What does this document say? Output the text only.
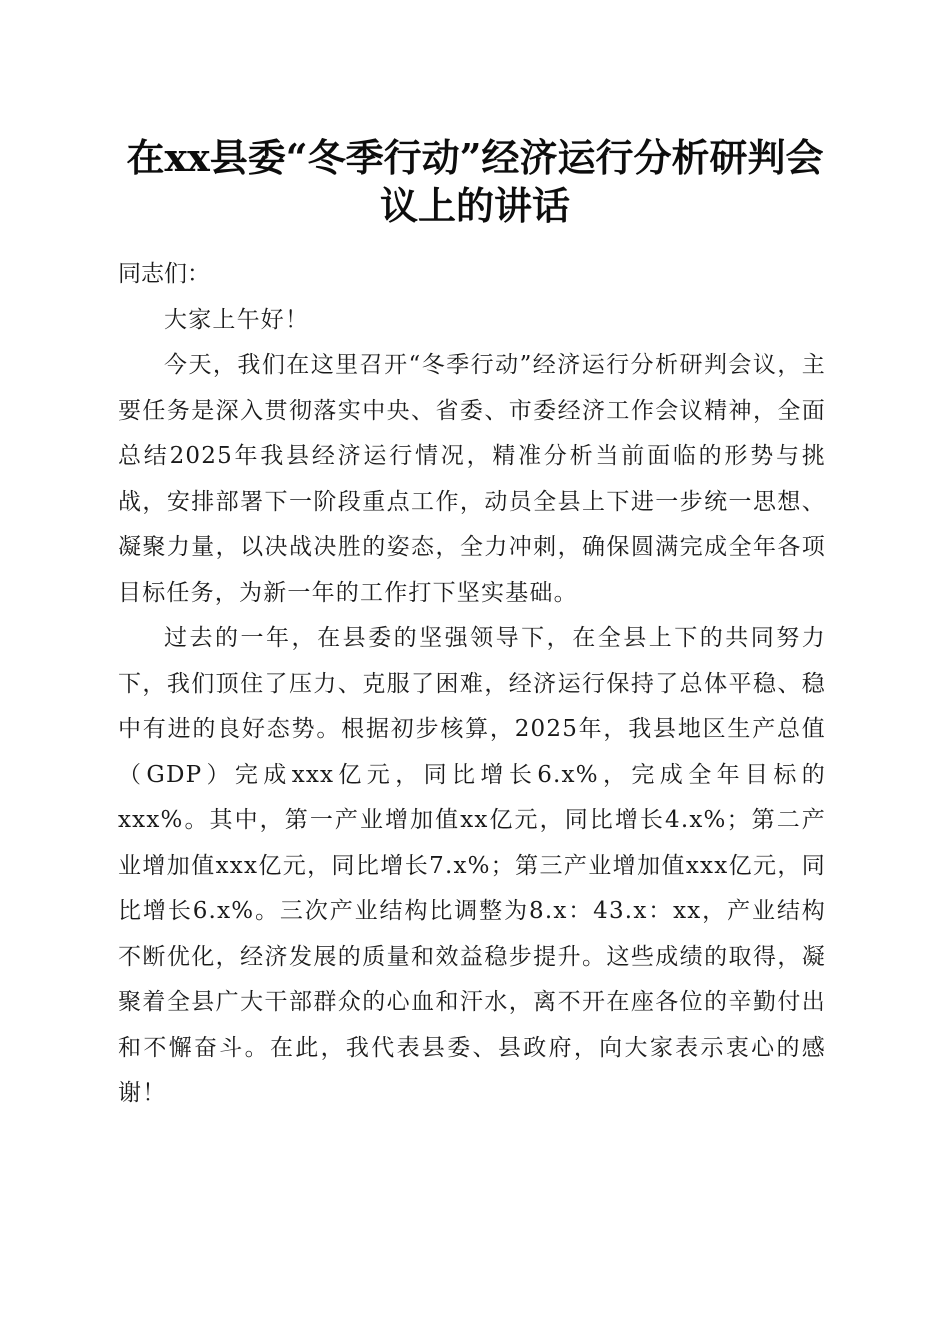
在xx县委“冬季行动”经济运行分析研判会议上的讲话

同志们：

大家上午好！

今天，我们在这里召开“冬季行动”经济运行分析研判会议，主要任务是深入贯彻落实中央、省委、市委经济工作会议精神，全面总结2025年我县经济运行情况，精准分析当前面临的形势与挑战，安排部署下一阶段重点工作，动员全县上下进一步统一思想、凝聚力量，以决战决胜的姿态，全力冲刺，确保圆满完成全年各项目标任务，为新一年的工作打下坚实基础。

过去的一年，在县委的坚强领导下，在全县上下的共同努力下，我们顶住了压力、克服了困难，经济运行保持了总体平稳、稳中有进的良好态势。根据初步核算，2025年，我县地区生产总值（GDP）完成xxx亿元，同比增长6.x%，完成全年目标的xxx%。其中，第一产业增加值xx亿元，同比增长4.x%；第二产业增加值xxx亿元，同比增长7.x%；第三产业增加值xxx亿元，同比增长6.x%。三次产业结构比调整为8.x：43.x：xx，产业结构不断优化，经济发展的质量和效益稳步提升。这些成绩的取得，凝聚着全县广大干部群众的心血和汗水，离不开在座各位的辛勤付出和不懈奋斗。在此，我代表县委、县政府，向大家表示衷心的感谢！
